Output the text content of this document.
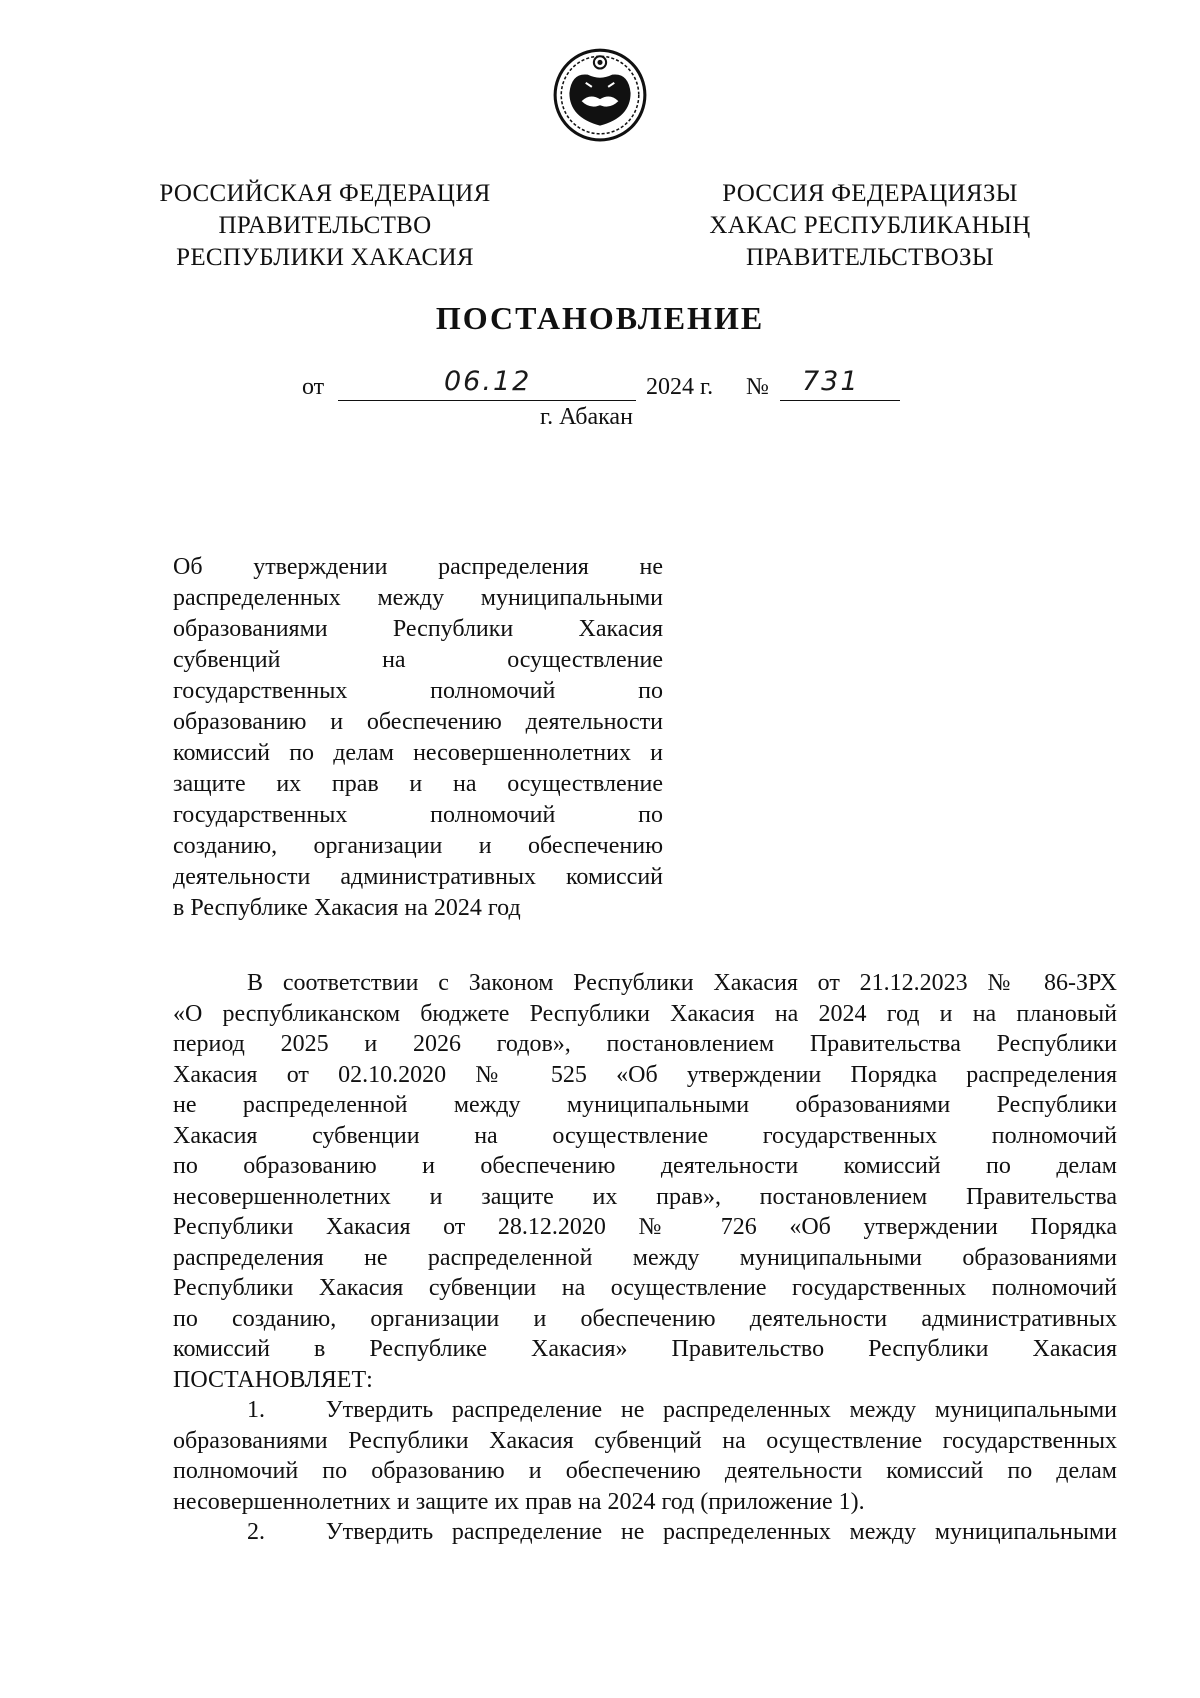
РОССИЙСКАЯ ФЕДЕРАЦИЯ
ПРАВИТЕЛЬСТВО
РЕСПУБЛИКИ ХАКАСИЯ
РОССИЯ ФЕДЕРАЦИЯЗЫ
ХАКАС РЕСПУБЛИКАНЫҢ
ПРАВИТЕЛЬСТВОЗЫ
ПОСТАНОВЛЕНИЕ
от	06.12	2024 г. № 731
г. Абакан
Об утверждении распределения не
распределенных между муниципальными
образованиями Республики Хакасия
субвенций на осуществление
государственных полномочий по
образованию и обеспечению деятельности
комиссий по делам несовершеннолетних и
защите их прав и на осуществление
государственных полномочий по
созданию, организации и обеспечению
деятельности административных комиссий
в Республике Хакасия на 2024 год
В соответствии с Законом Республики Хакасия от 21.12.2023 № 86-ЗРХ
«О республиканском бюджете Республики Хакасия на 2024 год и на плановый
период 2025 и 2026 годов», постановлением Правительства Республики
Хакасия от 02.10.2020 № 525 «Об утверждении Порядка распределения
не распределенной между муниципальными образованиями Республики
Хакасия субвенции на осуществление государственных полномочий
по образованию и обеспечению деятельности комиссий по делам
несовершеннолетних и защите их прав», постановлением Правительства
Республики Хакасия от 28.12.2020 № 726 «Об утверждении Порядка
распределения не распределенной между муниципальными образованиями
Республики Хакасия субвенции на осуществление государственных полномочий
по созданию, организации и обеспечению деятельности административных
комиссий в Республике Хакасия» Правительство Республики Хакасия
ПОСТАНОВЛЯЕТ:
1.	Утвердить распределение не распределенных между муниципальными
образованиями Республики Хакасия субвенций на осуществление государственных
полномочий по образованию и обеспечению деятельности комиссий по делам
несовершеннолетних и защите их прав на 2024 год (приложение 1).
2.	Утвердить распределение не распределенных между муниципальными
